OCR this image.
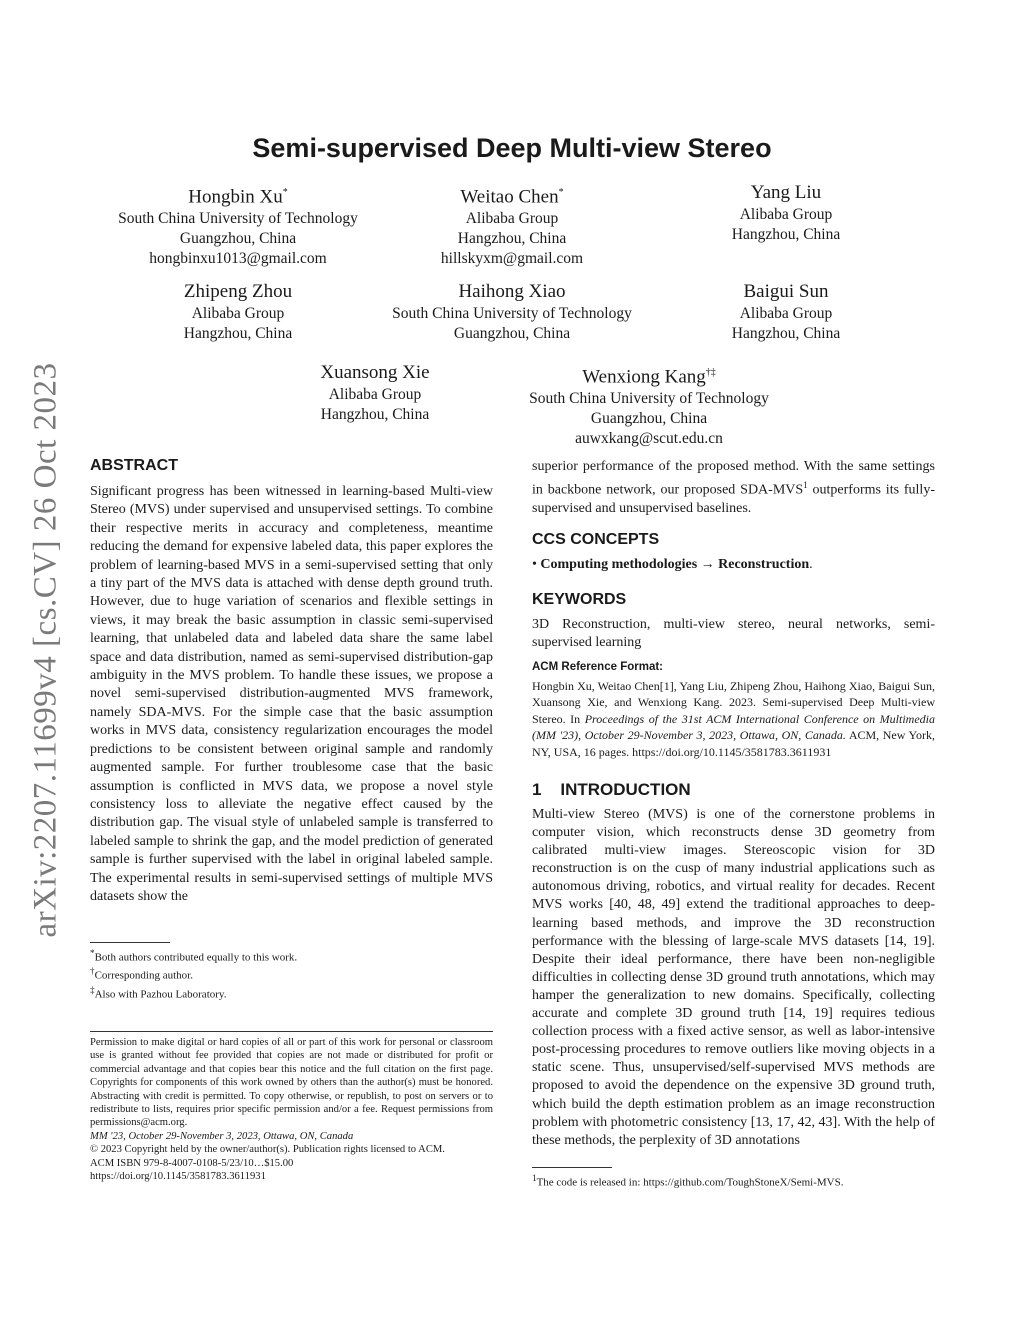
arXiv:2207.11699v4 [cs.CV] 26 Oct 2023
Semi-supervised Deep Multi-view Stereo
Hongbin Xu*
South China University of Technology
Guangzhou, China
hongbinxu1013@gmail.com
Weitao Chen*
Alibaba Group
Hangzhou, China
hillskyxm@gmail.com
Yang Liu
Alibaba Group
Hangzhou, China
Zhipeng Zhou
Alibaba Group
Hangzhou, China
Haihong Xiao
South China University of Technology
Guangzhou, China
Baigui Sun
Alibaba Group
Hangzhou, China
Xuansong Xie
Alibaba Group
Hangzhou, China
Wenxiong Kang†‡
South China University of Technology
Guangzhou, China
auwxkang@scut.edu.cn
ABSTRACT
Significant progress has been witnessed in learning-based Multi-view Stereo (MVS) under supervised and unsupervised settings. To combine their respective merits in accuracy and completeness, meantime reducing the demand for expensive labeled data, this paper explores the problem of learning-based MVS in a semi-supervised setting that only a tiny part of the MVS data is attached with dense depth ground truth. However, due to huge variation of scenarios and flexible settings in views, it may break the basic assumption in classic semi-supervised learning, that unlabeled data and labeled data share the same label space and data distribution, named as semi-supervised distribution-gap ambiguity in the MVS problem. To handle these issues, we propose a novel semi-supervised distribution-augmented MVS framework, namely SDA-MVS. For the simple case that the basic assumption works in MVS data, consistency regularization encourages the model predictions to be consistent between original sample and randomly augmented sample. For further troublesome case that the basic assumption is conflicted in MVS data, we propose a novel style consistency loss to alleviate the negative effect caused by the distribution gap. The visual style of unlabeled sample is transferred to labeled sample to shrink the gap, and the model prediction of generated sample is further supervised with the label in original labeled sample. The experimental results in semi-supervised settings of multiple MVS datasets show the
*Both authors contributed equally to this work.
†Corresponding author.
‡Also with Pazhou Laboratory.
Permission to make digital or hard copies of all or part of this work for personal or classroom use is granted without fee provided that copies are not made or distributed for profit or commercial advantage and that copies bear this notice and the full citation on the first page. Copyrights for components of this work owned by others than the author(s) must be honored. Abstracting with credit is permitted. To copy otherwise, or republish, to post on servers or to redistribute to lists, requires prior specific permission and/or a fee. Request permissions from permissions@acm.org.
MM '23, October 29-November 3, 2023, Ottawa, ON, Canada
© 2023 Copyright held by the owner/author(s). Publication rights licensed to ACM.
ACM ISBN 979-8-4007-0108-5/23/10…$15.00
https://doi.org/10.1145/3581783.3611931
superior performance of the proposed method. With the same settings in backbone network, our proposed SDA-MVS$^1$ outperforms its fully-supervised and unsupervised baselines.
CCS CONCEPTS
• Computing methodologies → Reconstruction.
KEYWORDS
3D Reconstruction, multi-view stereo, neural networks, semi-supervised learning
ACM Reference Format:
Hongbin Xu, Weitao Chen[1], Yang Liu, Zhipeng Zhou, Haihong Xiao, Baigui Sun, Xuansong Xie, and Wenxiong Kang. 2023. Semi-supervised Deep Multi-view Stereo. In Proceedings of the 31st ACM International Conference on Multimedia (MM '23), October 29-November 3, 2023, Ottawa, ON, Canada. ACM, New York, NY, USA, 16 pages. https://doi.org/10.1145/3581783.3611931
1    INTRODUCTION
Multi-view Stereo (MVS) is one of the cornerstone problems in computer vision, which reconstructs dense 3D geometry from calibrated multi-view images. Stereoscopic vision for 3D reconstruction is on the cusp of many industrial applications such as autonomous driving, robotics, and virtual reality for decades. Recent MVS works [40, 48, 49] extend the traditional approaches to deep-learning based methods, and improve the 3D reconstruction performance with the blessing of large-scale MVS datasets [14, 19]. Despite their ideal performance, there have been non-negligible difficulties in collecting dense 3D ground truth annotations, which may hamper the generalization to new domains. Specifically, collecting accurate and complete 3D ground truth [14, 19] requires tedious collection process with a fixed active sensor, as well as labor-intensive post-processing procedures to remove outliers like moving objects in a static scene. Thus, unsupervised/self-supervised MVS methods are proposed to avoid the dependence on the expensive 3D ground truth, which build the depth estimation problem as an image reconstruction problem with photometric consistency [13, 17, 42, 43]. With the help of these methods, the perplexity of 3D annotations
$^1$The code is released in: https://github.com/ToughStoneX/Semi-MVS.
